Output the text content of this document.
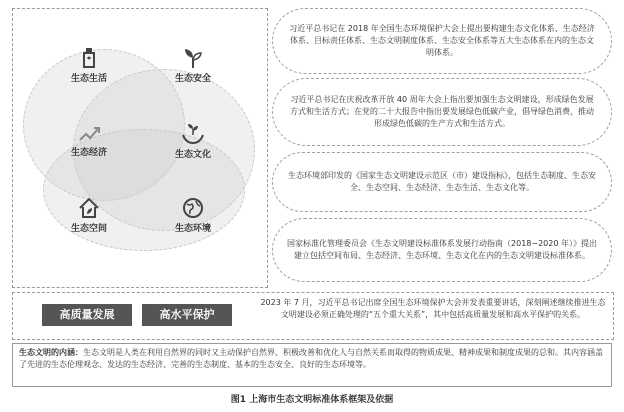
生态生活	生态安全
生态经济	生态文化
生态空间	生态环境
习近平总书记在 2018 年全国生态环境保护大会上提出要构建生态文化体系、生态经济体系、目标责任体系、生态文明制度体系、生态安全体系等五大生态体系在内的生态文明体系。
习近平总书记在庆祝改革开放 40 周年大会上指出要加强生态文明建设，形成绿色发展方式和生活方式；在党的二十大报告中指出要发展绿色低碳产业，倡导绿色消费，推动形成绿色低碳的生产方式和生活方式。
生态环境部印发的《国家生态文明建设示范区（市）建设指标》，包括生态制度、生态安全、生态空间、生态经济、生态生活、生态文化等。
国家标准化管理委员会《生态文明建设标准体系发展行动指南（2018−2020 年）》提出建立包括空间布局、生态经济、生态环境、生态文化在内的生态文明建设标准体系。
高质量发展	高水平保护
2023 年 7 月，习近平总书记出席全国生态环境保护大会并发表重要讲话，深刻阐述继续推进生态文明建设必须正确处理的“五个重大关系”，其中包括高质量发展和高水平保护的关系。
生态文明的内涵：生态文明是人类在利用自然界的同时又主动保护自然界、积极改善和优化人与自然关系而取得的物质成果、精神成果和制度成果的总和。其内容涵盖了先进的生态伦理观念、发达的生态经济、完善的生态制度、基本的生态安全、良好的生态环境等。
图1 上海市生态文明标准体系框架及依据
